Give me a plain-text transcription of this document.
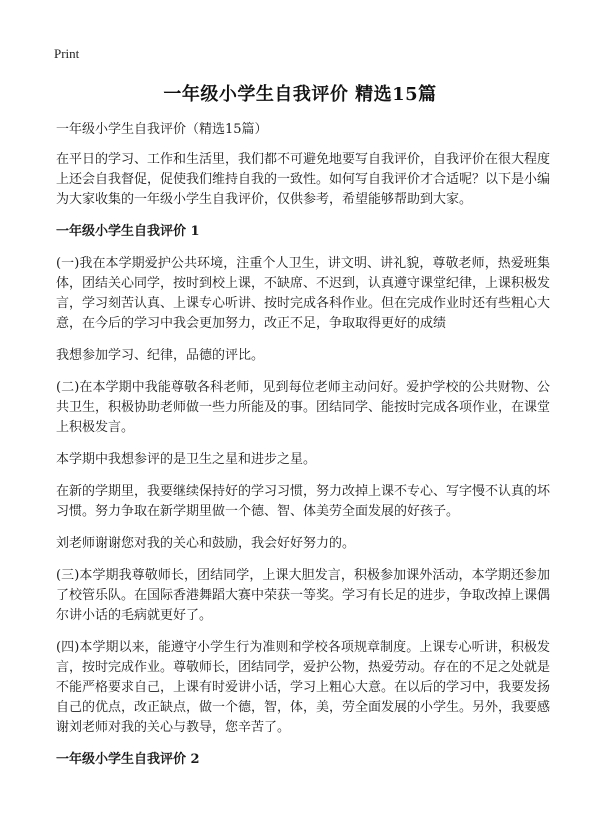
Print
一年级小学生自我评价 精选15篇

一年级小学生自我评价（精选15篇）

在平日的学习、工作和生活里，我们都不可避免地要写自我评价，自我评价在很大程度上还会自我督促，促使我们维持自我的一致性。如何写自我评价才合适呢？以下是小编为大家收集的一年级小学生自我评价，仅供参考，希望能够帮助到大家。

一年级小学生自我评价 1

(一)我在本学期爱护公共环境，注重个人卫生，讲文明、讲礼貌，尊敬老师，热爱班集体，团结关心同学，按时到校上课，不缺席、不迟到，认真遵守课堂纪律，上课积极发言，学习刻苦认真、上课专心听讲、按时完成各科作业。但在完成作业时还有些粗心大意，在今后的学习中我会更加努力，改正不足，争取取得更好的成绩

我想参加学习、纪律，品德的评比。

(二)在本学期中我能尊敬各科老师，见到每位老师主动问好。爱护学校的公共财物、公共卫生，积极协助老师做一些力所能及的事。团结同学、能按时完成各项作业，在课堂上积极发言。

本学期中我想参评的是卫生之星和进步之星。

在新的学期里，我要继续保持好的学习习惯，努力改掉上课不专心、写字慢不认真的坏习惯。努力争取在新学期里做一个德、智、体美劳全面发展的好孩子。

刘老师谢谢您对我的关心和鼓励，我会好好努力的。

(三)本学期我尊敬师长，团结同学，上课大胆发言，积极参加课外活动，本学期还参加了校管乐队。在国际香港舞蹈大赛中荣获一等奖。学习有长足的进步，争取改掉上课偶尔讲小话的毛病就更好了。

(四)本学期以来，能遵守小学生行为准则和学校各项规章制度。上课专心听讲，积极发言，按时完成作业。尊敬师长，团结同学，爱护公物，热爱劳动。存在的不足之处就是不能严格要求自己，上课有时爱讲小话，学习上粗心大意。在以后的学习中，我要发扬自己的优点，改正缺点，做一个德，智，体，美，劳全面发展的小学生。另外，我要感谢刘老师对我的关心与教导，您辛苦了。

一年级小学生自我评价 2
